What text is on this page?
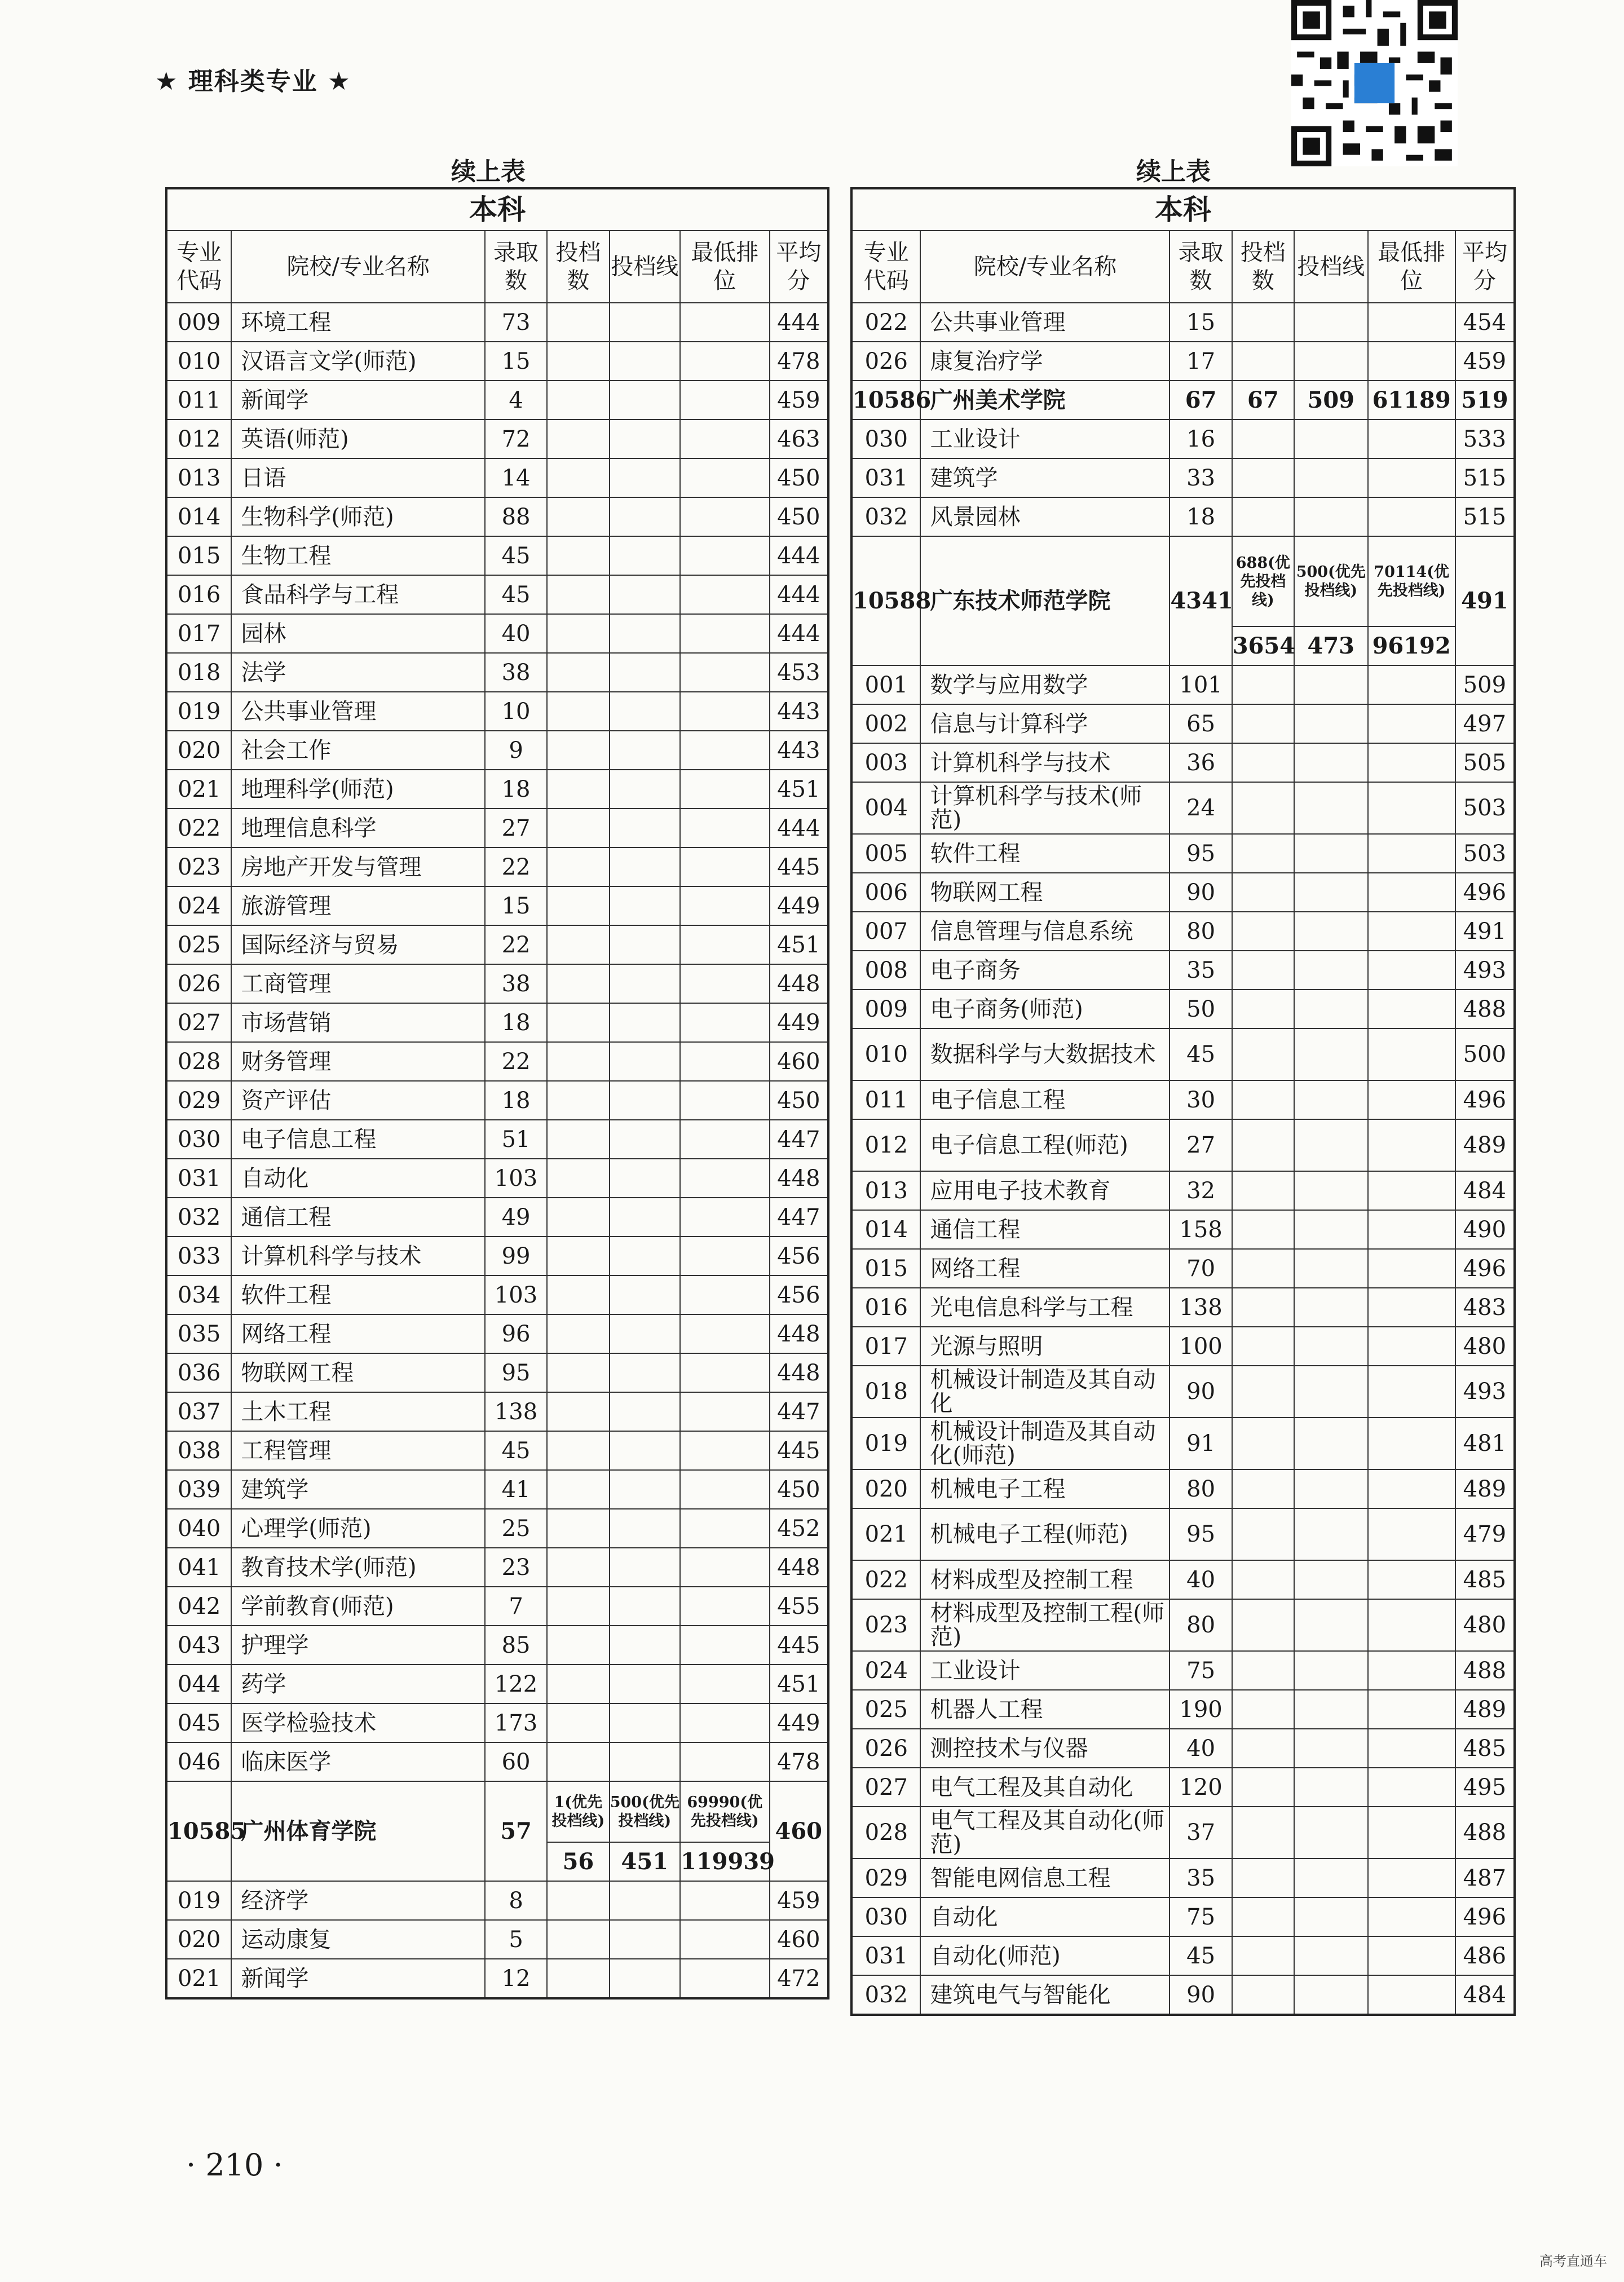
★ 理科类专业 ★
续上表	续上表
本科						
专业代码	院校/专业名称	录取数	投档数	投档线	最低排位	平均分
009	环境工程	73				444
010	汉语言文学(师范)	15				478
011	新闻学	4				459
012	英语(师范)	72				463
013	日语	14				450
014	生物科学(师范)	88				450
015	生物工程	45				444
016	食品科学与工程	45				444
017	园林	40				444
018	法学	38				453
019	公共事业管理	10				443
020	社会工作	9				443
021	地理科学(师范)	18				451
022	地理信息科学	27				444
023	房地产开发与管理	22				445
024	旅游管理	15				449
025	国际经济与贸易	22				451
026	工商管理	38				448
027	市场营销	18				449
028	财务管理	22				460
029	资产评估	18				450
030	电子信息工程	51				447
031	自动化	103				448
032	通信工程	49				447
033	计算机科学与技术	99				456
034	软件工程	103				456
035	网络工程	96				448
036	物联网工程	95				448
037	土木工程	138				447
038	工程管理	45				445
039	建筑学	41				450
040	心理学(师范)	25				452
041	教育技术学(师范)	23				448
042	学前教育(师范)	7				455
043	护理学	85				445
044	药学	122				451
045	医学检验技术	173				449
046	临床医学	60				478
10585	广州体育学院	57	1(优先投档线)	500(优先投档线)	69990(优先投档线)	460
			56	451	119939	
019	经济学	8				459
020	运动康复	5				460
021	新闻学	12				472
本科						
专业代码	院校/专业名称	录取数	投档数	投档线	最低排位	平均分
022	公共事业管理	15				454
026	康复治疗学	17				459
10586	广州美术学院	67	67	509	61189	519
030	工业设计	16				533
031	建筑学	33				515
032	风景园林	18				515
10588	广东技术师范学院	4341	688(优先投档线)	500(优先投档线)	70114(优先投档线)	491
			3654	473	96192	
001	数学与应用数学	101				509
002	信息与计算科学	65				497
003	计算机科学与技术	36				505
004	计算机科学与技术(师范)	24				503
005	软件工程	95				503
006	物联网工程	90				496
007	信息管理与信息系统	80				491
008	电子商务	35				493
009	电子商务(师范)	50				488
010	数据科学与大数据技术	45				500
011	电子信息工程	30				496
012	电子信息工程(师范)	27				489
013	应用电子技术教育	32				484
014	通信工程	158				490
015	网络工程	70				496
016	光电信息科学与工程	138				483
017	光源与照明	100				480
018	机械设计制造及其自动化	90				493
019	机械设计制造及其自动化(师范)	91				481
020	机械电子工程	80				489
021	机械电子工程(师范)	95				479
022	材料成型及控制工程	40				485
023	材料成型及控制工程(师范)	80				480
024	工业设计	75				488
025	机器人工程	190				489
026	测控技术与仪器	40				485
027	电气工程及其自动化	120				495
028	电气工程及其自动化(师范)	37				488
029	智能电网信息工程	35				487
030	自动化	75				496
031	自动化(师范)	45				486
032	建筑电气与智能化	90				484
· 210 ·
高考直通车
